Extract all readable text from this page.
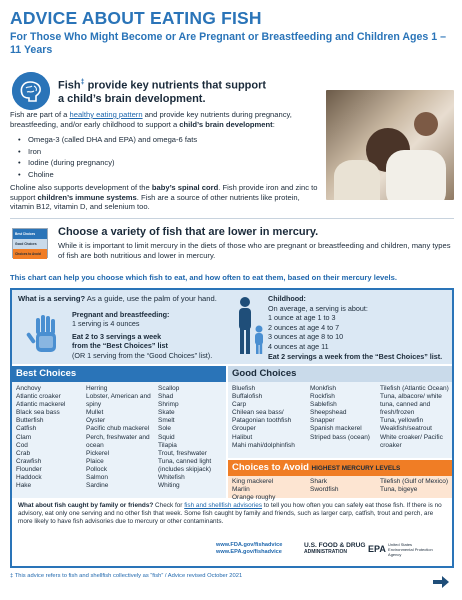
ADVICE ABOUT EATING FISH
For Those Who Might Become or Are Pregnant or Breastfeeding and Children Ages 1 – 11 Years
Fish‡ provide key nutrients that support a child’s brain development.
Fish are part of a healthy eating pattern and provide key nutrients during pregnancy, breastfeeding, and/or early childhood to support a child’s brain development:
• Omega-3 (called DHA and EPA) and omega-6 fats
• Iron
• Iodine (during pregnancy)
• Choline
Choline also supports development of the baby’s spinal cord. Fish provide iron and zinc to support children’s immune systems. Fish are a source of other nutrients like protein, vitamin B12, vitamin D, and selenium too.
Best Choices
Good Choices
Choices to Avoid
Choose a variety of fish that are lower in mercury.
While it is important to limit mercury in the diets of those who are pregnant or breastfeeding and children, many types of fish are both nutritious and lower in mercury.
This chart can help you choose which fish to eat, and how often to eat them, based on their mercury levels.
What is a serving? As a guide, use the palm of your hand.
Pregnant and breastfeeding:
1 serving is 4 ounces
Eat 2 to 3 servings a week
from the “Best Choices” list
(OR 1 serving from the “Good Choices” list).
Childhood:
On average, a serving is about:
1 ounce at age 1 to 3
2 ounces at age 4 to 7
3 ounces at age 8 to 10
4 ounces at age 11
Eat 2 servings a week from the “Best Choices” list.
Best Choices
Anchovy
Atlantic croaker
Atlantic mackerel
Black sea bass
Butterfish
Catfish
Clam
Cod
Crab
Crawfish
Flounder
Haddock
Hake
Herring
Lobster, American and spiny
Mullet
Oyster
Pacific chub mackerel
Perch, freshwater and ocean
Pickerel
Plaice
Pollock
Salmon
Sardine
Scallop
Shad
Shrimp
Skate
Smelt
Sole
Squid
Tilapia
Trout, freshwater
Tuna, canned light (includes skipjack)
Whitefish
Whiting
Good Choices
Bluefish
Buffalofish
Carp
Chilean sea bass/ Patagonian toothfish
Grouper
Halibut
Mahi mahi/dolphinfish
Monkfish
Rockfish
Sablefish
Sheepshead
Snapper
Spanish mackerel
Striped bass (ocean)
Tilefish (Atlantic Ocean)
Tuna, albacore/ white tuna, canned and fresh/frozen
Tuna, yellowfin
Weakfish/seatrout
White croaker/ Pacific croaker
Choices to Avoid HIGHEST MERCURY LEVELS
King mackerel
Marlin
Orange roughy
Shark
Swordfish
Tilefish (Gulf of Mexico)
Tuna, bigeye
What about fish caught by family or friends? Check for fish and shellfish advisories to tell you how often you can safely eat those fish. If there is no advisory, eat only one serving and no other fish that week. Some fish caught by family and friends, such as larger carp, catfish, trout and perch, are more likely to have fish advisories due to mercury or other contaminants.
www.FDA.gov/fishadvice
www.EPA.gov/fishadvice
U.S. FOOD & DRUG
ADMINISTRATION	EPA United States
Environmental Protection
Agency
‡ This advice refers to fish and shellfish collectively as “fish” / Advice revised October 2021
